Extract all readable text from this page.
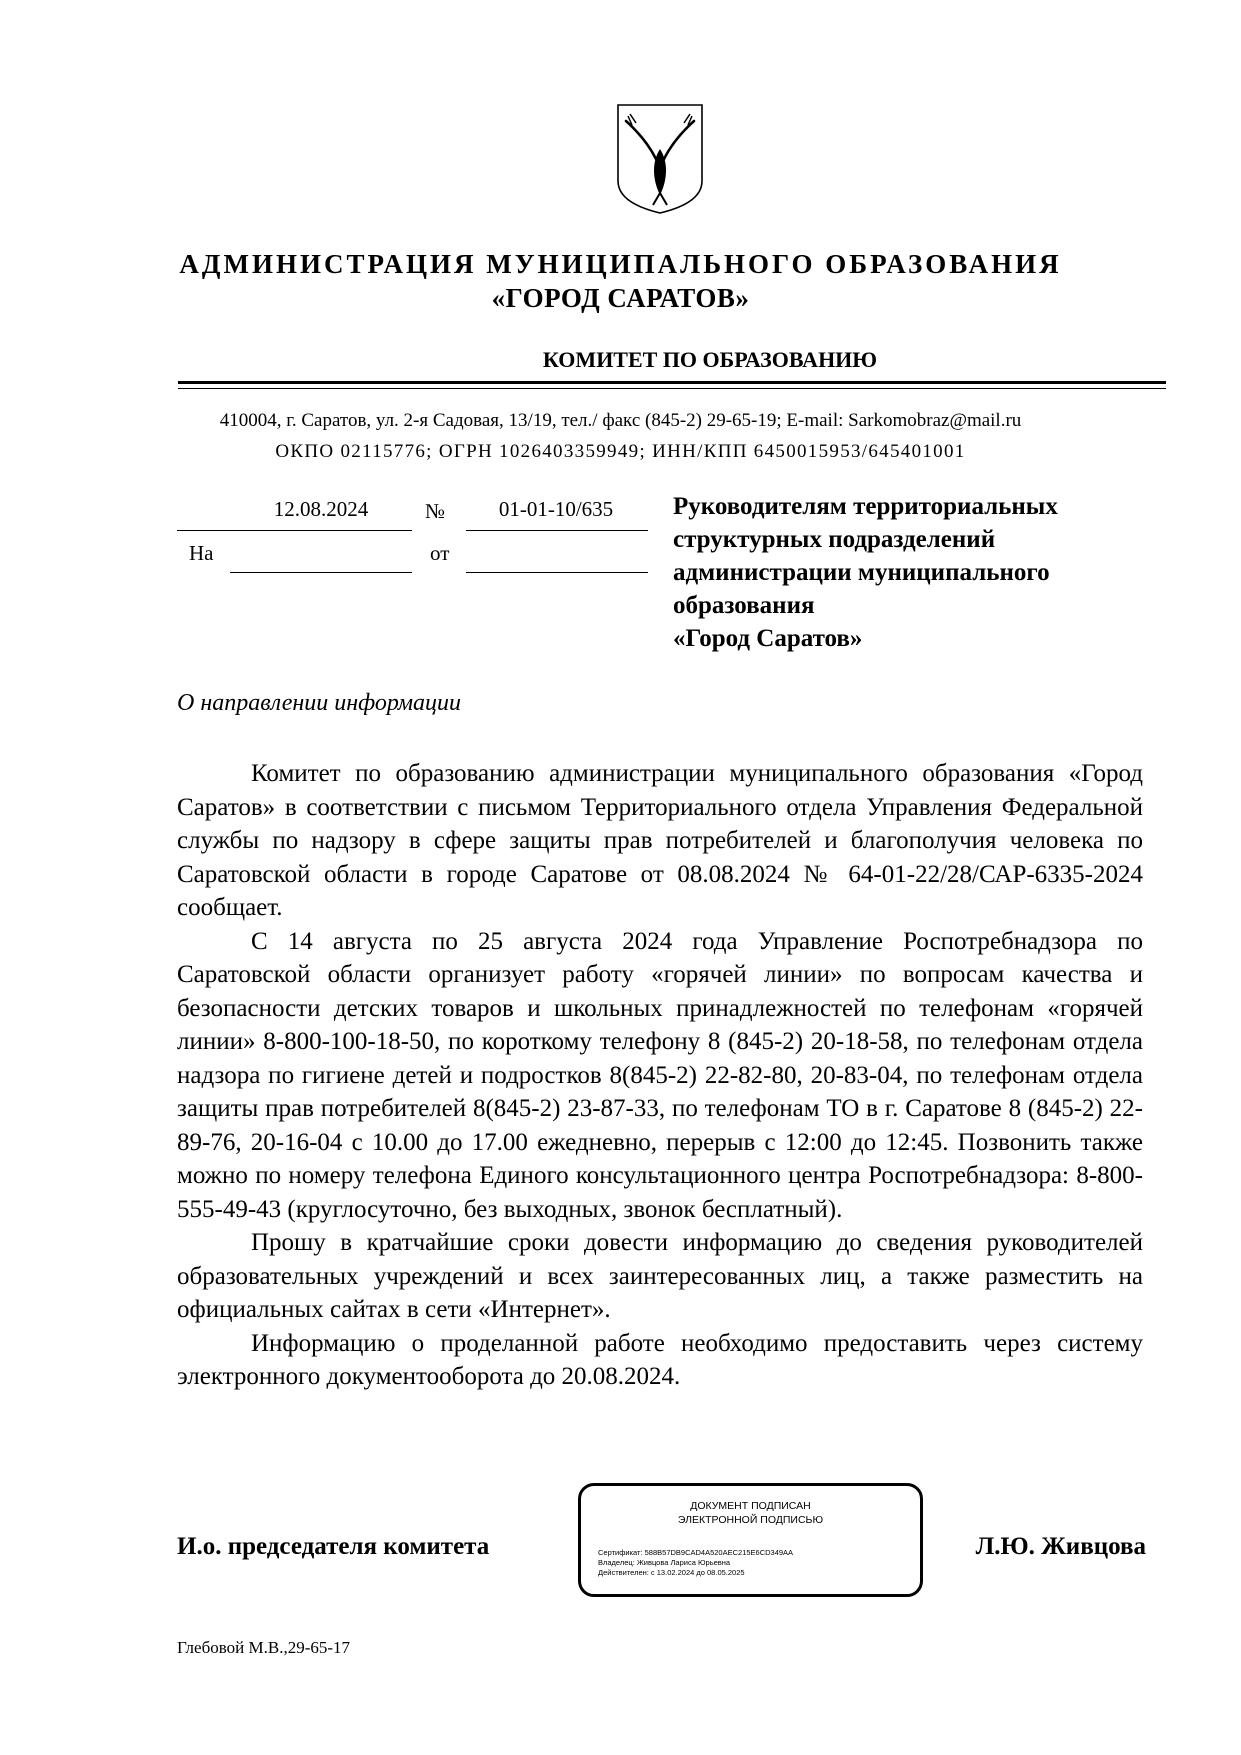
АДМИНИСТРАЦИЯ МУНИЦИПАЛЬНОГО ОБРАЗОВАНИЯ
«ГОРОД САРАТОВ»
КОМИТЕТ ПО ОБРАЗОВАНИЮ
410004, г. Саратов, ул. 2-я Садовая, 13/19, тел./ факс (845-2) 29-65-19; E-mail: Sarkomobraz@mail.ru
ОКПО 02115776; ОГРН 1026403359949; ИНН/КПП 6450015953/645401001
12.08.2024	№	01-01-10/635
На	от
Руководителям территориальных
структурных подразделений
администрации муниципального
образования
«Город Саратов»
О направлении информации

Комитет по образованию администрации муниципального образования «Город Саратов» в соответствии с письмом Территориального отдела Управления Федеральной службы по надзору в сфере защиты прав потребителей и благополучия человека по Саратовской области в городе Саратове от 08.08.2024 № 64-01-22/28/САР-6335-2024 сообщает.

С 14 августа по 25 августа 2024 года Управление Роспотребнадзора по Саратовской области организует работу «горячей линии» по вопросам качества и безопасности детских товаров и школьных принадлежностей по телефонам «горячей линии» 8-800-100-18-50, по короткому телефону 8 (845-2) 20-18-58, по телефонам отдела надзора по гигиене детей и подростков 8(845-2) 22-82-80, 20-83-04, по телефонам отдела защиты прав потребителей 8(845-2) 23-87-33, по телефонам ТО в г. Саратове 8 (845-2) 22-89-76, 20-16-04 с 10.00 до 17.00 ежедневно, перерыв с 12:00 до 12:45. Позвонить также можно по номеру телефона Единого консультационного центра Роспотребнадзора: 8-800-555-49-43 (круглосуточно, без выходных, звонок бесплатный).

Прошу в кратчайшие сроки довести информацию до сведения руководителей образовательных учреждений и всех заинтересованных лиц, а также разместить на официальных сайтах в сети «Интернет».

Информацию о проделанной работе необходимо предоставить через систему электронного документооборота до 20.08.2024.

И.о. председателя комитета
ДОКУМЕНТ ПОДПИСАН
ЭЛЕКТРОННОЙ ПОДПИСЬЮ
Сертификат: 588B57DB9CAD4A520AEC215E6CD349AA
Владелец: Живцова Лариса Юрьевна
Действителен: с 13.02.2024 до 08.05.2025
Л.Ю. Живцова
Глебовой М.В.,29-65-17
